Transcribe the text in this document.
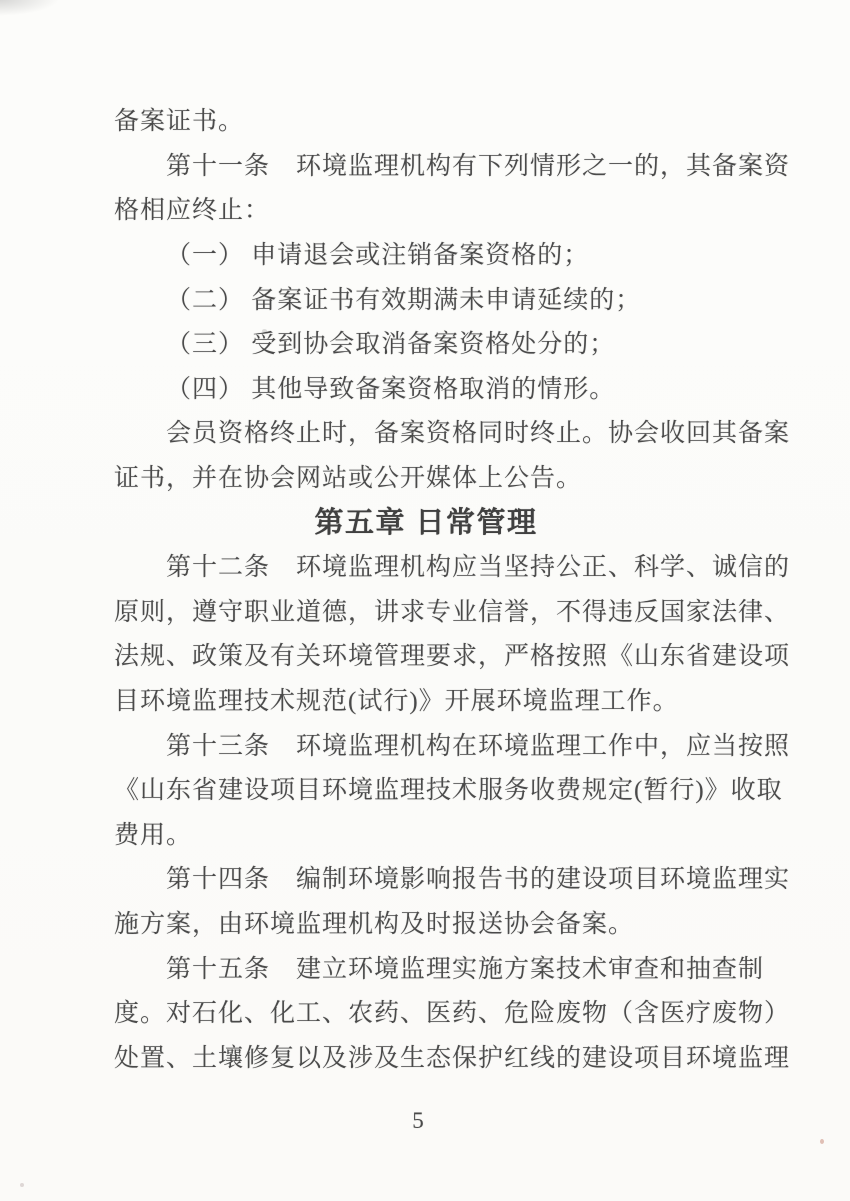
备案证书。
第十一条　环境监理机构有下列情形之一的，其备案资
格相应终止：
（一） 申请退会或注销备案资格的；
（二） 备案证书有效期满未申请延续的；
（三） 受到协会取消备案资格处分的；
（四） 其他导致备案资格取消的情形。
会员资格终止时，备案资格同时终止。协会收回其备案
证书，并在协会网站或公开媒体上公告。
第五章 日常管理
第十二条　环境监理机构应当坚持公正、科学、诚信的
原则，遵守职业道德，讲求专业信誉，不得违反国家法律、
法规、政策及有关环境管理要求，严格按照《山东省建设项
目环境监理技术规范(试行)》开展环境监理工作。
第十三条　环境监理机构在环境监理工作中，应当按照
《山东省建设项目环境监理技术服务收费规定(暂行)》收取
费用。
第十四条　编制环境影响报告书的建设项目环境监理实
施方案，由环境监理机构及时报送协会备案。
第十五条　建立环境监理实施方案技术审查和抽查制
度。对石化、化工、农药、医药、危险废物（含医疗废物）
处置、土壤修复以及涉及生态保护红线的建设项目环境监理
5
